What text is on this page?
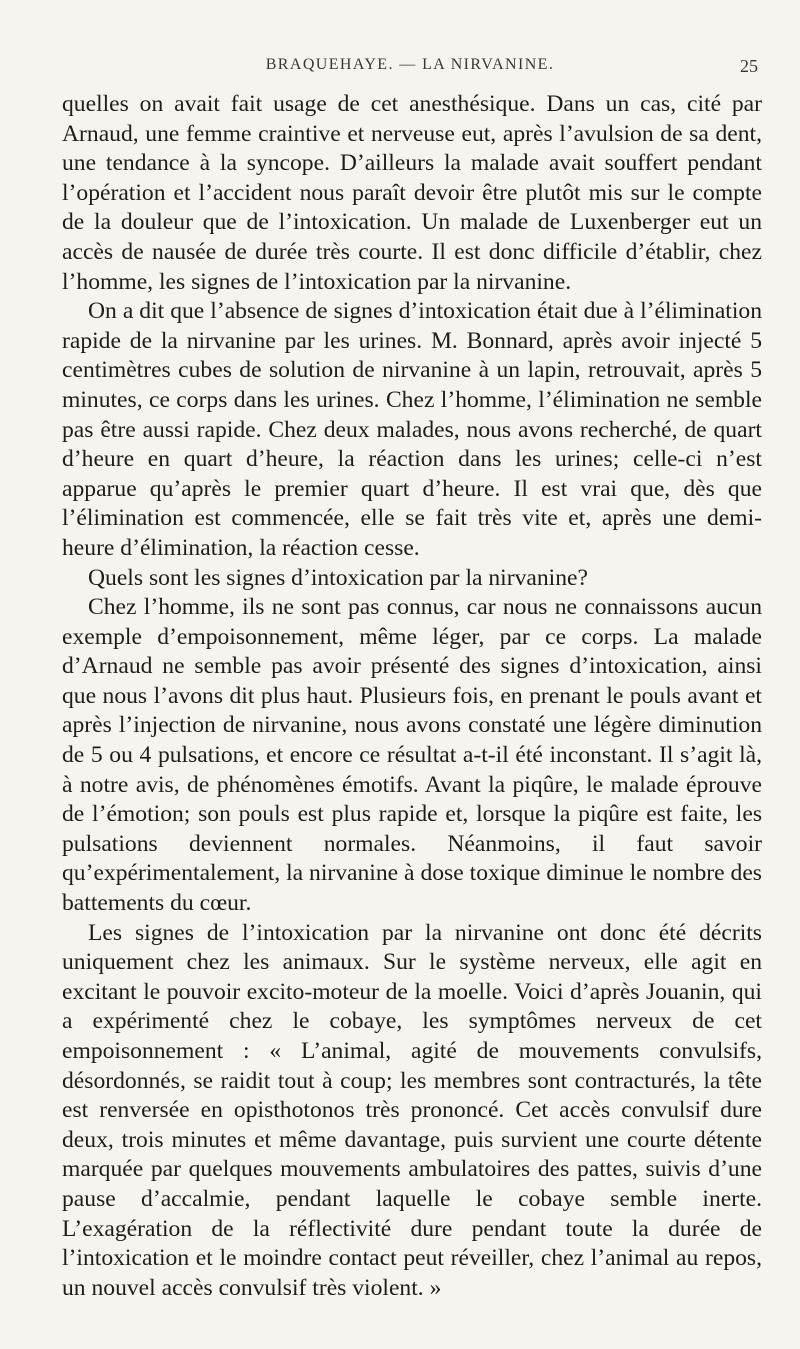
BRAQUEHAYE. — LA NIRVANINE.	25

quelles on avait fait usage de cet anesthésique. Dans un cas, cité par Arnaud, une femme craintive et nerveuse eut, après l’avulsion de sa dent, une tendance à la syncope. D’ailleurs la malade avait souffert pendant l’opération et l’accident nous paraît devoir être plutôt mis sur le compte de la douleur que de l’intoxication. Un malade de Luxenberger eut un accès de nausée de durée très courte. Il est donc difficile d’établir, chez l’homme, les signes de l’intoxication par la nirvanine.

On a dit que l’absence de signes d’intoxication était due à l’élimination rapide de la nirvanine par les urines. M. Bonnard, après avoir injecté 5 centimètres cubes de solution de nirvanine à un lapin, retrouvait, après 5 minutes, ce corps dans les urines. Chez l’homme, l’élimination ne semble pas être aussi rapide. Chez deux malades, nous avons recherché, de quart d’heure en quart d’heure, la réaction dans les urines; celle-ci n’est apparue qu’après le premier quart d’heure. Il est vrai que, dès que l’élimination est commencée, elle se fait très vite et, après une demi-heure d’élimination, la réaction cesse.

Quels sont les signes d’intoxication par la nirvanine?

Chez l’homme, ils ne sont pas connus, car nous ne connaissons aucun exemple d’empoisonnement, même léger, par ce corps. La malade d’Arnaud ne semble pas avoir présenté des signes d’intoxication, ainsi que nous l’avons dit plus haut. Plusieurs fois, en prenant le pouls avant et après l’injection de nirvanine, nous avons constaté une légère diminution de 5 ou 4 pulsations, et encore ce résultat a-t-il été inconstant. Il s’agit là, à notre avis, de phénomènes émotifs. Avant la piqûre, le malade éprouve de l’émotion; son pouls est plus rapide et, lorsque la piqûre est faite, les pulsations deviennent normales. Néanmoins, il faut savoir qu’expérimentalement, la nirvanine à dose toxique diminue le nombre des battements du cœur.

Les signes de l’intoxication par la nirvanine ont donc été décrits uniquement chez les animaux. Sur le système nerveux, elle agit en excitant le pouvoir excito-moteur de la moelle. Voici d’après Jouanin, qui a expérimenté chez le cobaye, les symptômes nerveux de cet empoisonnement : « L’animal, agité de mouvements convulsifs, désordonnés, se raidit tout à coup; les membres sont contracturés, la tête est renversée en opisthotonos très prononcé. Cet accès convulsif dure deux, trois minutes et même davantage, puis survient une courte détente marquée par quelques mouvements ambulatoires des pattes, suivis d’une pause d’accalmie, pendant laquelle le cobaye semble inerte. L’exagération de la réflectivité dure pendant toute la durée de l’intoxication et le moindre contact peut réveiller, chez l’animal au repos, un nouvel accès convulsif très violent. »
